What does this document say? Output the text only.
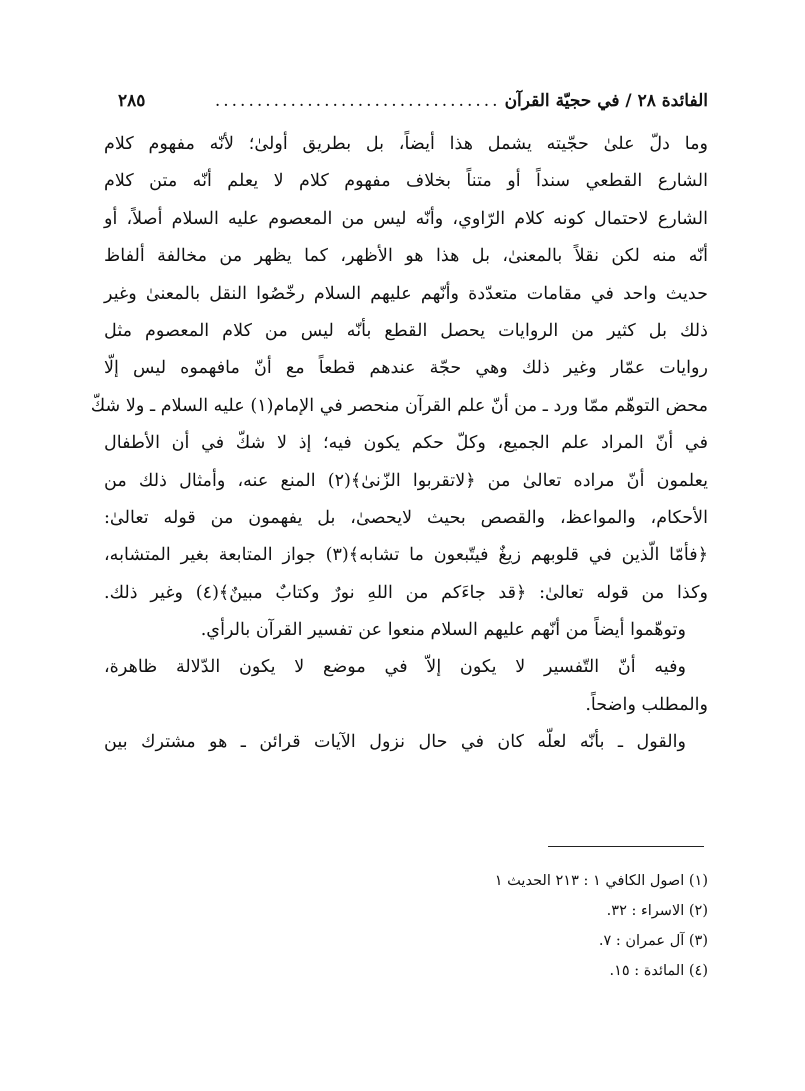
الفائدة ٢٨ / في حجيّة القرآن
..................................
٢٨٥
وما دلّ علىٰ حجّيته يشمل هذا أيضاً، بل بطريق أولىٰ؛ لأنّه مفهوم كلام
الشارع القطعي سنداً أو متناً بخلاف مفهوم كلام لا يعلم أنّه متن كلام
الشارع لاحتمال كونه كلام الرّاوي، وأنّه ليس من المعصوم عليه السلام أصلاً، أو
أنّه منه لكن نقلاً بالمعنىٰ، بل هذا هو الأظهر، كما يظهر من مخالفة ألفاظ
حديث واحد في مقامات متعدّدة وأنّهم عليهم السلام رخّصُوا النقل بالمعنىٰ وغير
ذلك بل كثير من الروايات يحصل القطع بأنّه ليس من كلام المعصوم مثل
روايات عمّار وغير ذلك وهي حجّة عندهم قطعاً مع أنّ مافهموه ليس إلّا
محض التوهّم ممّا ورد ـ من أنّ علم القرآن منحصر في الإمام(١) عليه السلام ـ ولا شكّ
في أنّ المراد علم الجميع، وكلّ حكم يكون فيه؛ إذ لا شكّ في أن الأطفال
يعلمون أنّ مراده تعالىٰ من ﴿لاتقربوا الزّنىٰ﴾(٢) المنع عنه، وأمثال ذلك من
الأحكام، والمواعظ، والقصص بحيث لايحصىٰ، بل يفهمون من قوله تعالىٰ:
﴿فأمّا الّذين في قلوبهم زيغٌ فيتّبعون ما تشابه﴾(٣) جواز المتابعة بغير المتشابه،
وكذا من قوله تعالىٰ: ﴿قد جاءَكم من اللهِ نورٌ وكتابٌ مبينٌ﴾(٤) وغير ذلك.
وتوهّموا أيضاً من أنّهم عليهم السلام منعوا عن تفسير القرآن بالرأي.
وفيه أنّ التّفسير لا يكون إلاّ في موضع لا يكون الدّلالة ظاهرة،
والمطلب واضحاً.
والقول ـ بأنّه لعلّه كان في حال نزول الآيات قرائن ـ هو مشترك بين
(١) اصول الكافي ١ : ٢١٣ الحديث ١
(٢) الاسراء : ٣٢.
(٣) آل عمران : ٧.
(٤) المائدة : ١٥.
